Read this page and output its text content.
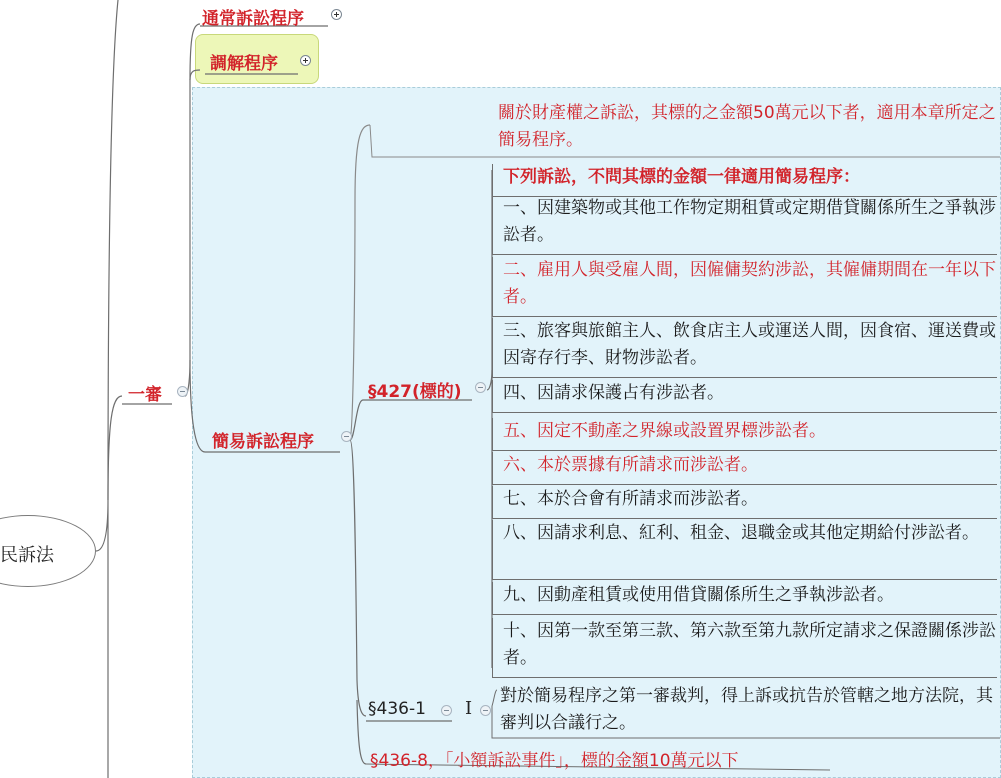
民訴法
通常訴訟程序
調解程序
一審
簡易訴訟程序
關於財產權之訴訟，其標的之金額50萬元以下者，適用本章所定之簡易程序。
§427(標的)
下列訴訟，不問其標的金額一律適用簡易程序：
一、因建築物或其他工作物定期租賃或定期借貸關係所生之爭執涉訟者。
二、雇用人與受雇人間，因僱傭契約涉訟，其僱傭期間在一年以下者。
三、旅客與旅館主人、飲食店主人或運送人間，因食宿、運送費或因寄存行李、財物涉訟者。
四、因請求保護占有涉訟者。
五、因定不動產之界線或設置界標涉訟者。
六、本於票據有所請求而涉訟者。
七、本於合會有所請求而涉訟者。
八、因請求利息、紅利、租金、退職金或其他定期給付涉訟者。
九、因動產租賃或使用借貸關係所生之爭執涉訟者。
十、因第一款至第三款、第六款至第九款所定請求之保證關係涉訟者。
§436-1 I
對於簡易程序之第一審裁判，得上訴或抗告於管轄之地方法院，其審判以合議行之。
§436-8，「小額訴訟事件」，標的金額10萬元以下
